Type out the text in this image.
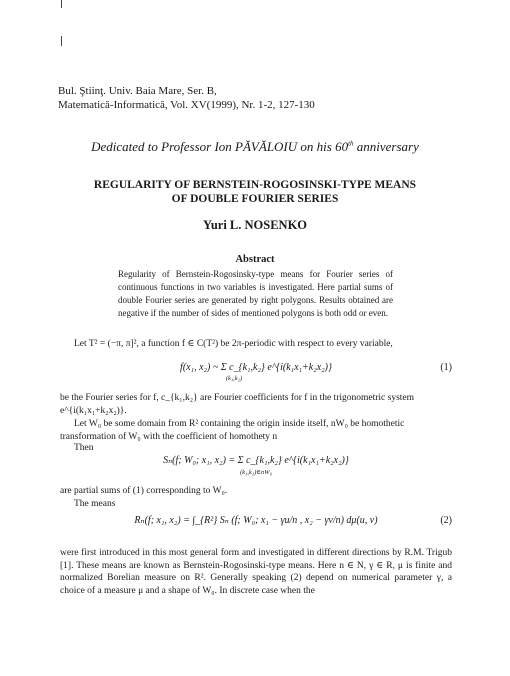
Bul. Ştiinţ. Univ. Baia Mare, Ser. B,
Matematică-Informatică, Vol. XV(1999), Nr. 1-2, 127-130
Dedicated to Professor Ion PĂVĂLOIU on his 60th anniversary
REGULARITY OF BERNSTEIN-ROGOSINSKI-TYPE MEANS
OF DOUBLE FOURIER SERIES
Yuri L. NOSENKO
Abstract
Regularity of Bernstein-Rogosinsky-type means for Fourier series of continuous functions in two variables is investigated. Here partial sums of double Fourier series are generated by right polygons. Results obtained are negative if the number of sides of mentioned polygons is both odd or even.
Let T² = (−π, π]², a function f ∈ C(T²) be 2π-periodic with respect to every variable,
f(x₁, x₂) ~ Σ c_{k₁,k₂} e^{i(k₁x₁+k₂x₂)}
(k₁,k₂)
(1)
be the Fourier series for f, c_{k₁,k₂} are Fourier coefficients for f in the trigonometric system e^{i(k₁x₁+k₂x₂)}.
Let W₀ be some domain from R² containing the origin inside itself, nW₀ be homothetic transformation of W₀ with the coefficient of homothety n
Then
Sₙ(f; W₀; x₁, x₂) = Σ c_{k₁,k₂} e^{i(k₁x₁+k₂x₂)}
(k₁,k₂)∈nW₀
are partial sums of (1) corresponding to W₀.
The means
Rₙ(f; x₁, x₂) = ∫_{R²} Sₙ (f; W₀; x₁ − γu/n , x₂ − γv/n) dμ(u, v)	(2)
were first introduced in this most general form and investigated in different directions by R.M. Trigub [1]. These means are known as Bernstein-Rogosinski-type means. Here n ∈ N, γ ∈ R, μ is finite and normalized Borelian measure on R². Generally speaking (2) depend on numerical parameter γ, a choice of a measure μ and a shape of W₀. In discrete case when the
